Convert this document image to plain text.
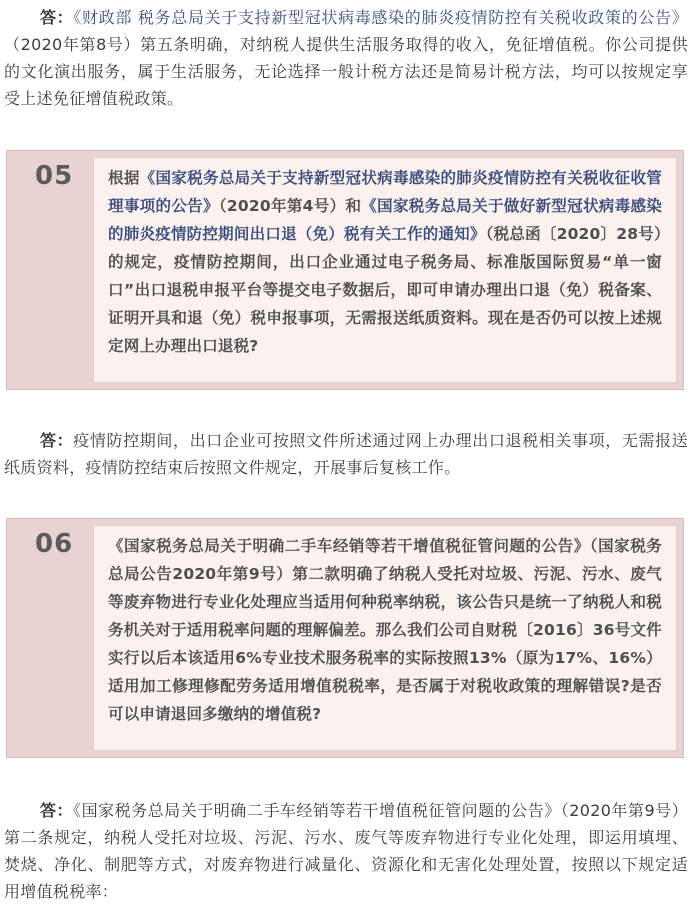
答：《财政部 税务总局关于支持新型冠状病毒感染的肺炎疫情防控有关税收政策的公告》（2020年第8号）第五条明确，对纳税人提供生活服务取得的收入，免征增值税。你公司提供的文化演出服务，属于生活服务，无论选择一般计税方法还是简易计税方法，均可以按规定享受上述免征增值税政策。
05	根据《国家税务总局关于支持新型冠状病毒感染的肺炎疫情防控有关税收征收管理事项的公告》（2020年第4号）和《国家税务总局关于做好新型冠状病毒感染的肺炎疫情防控期间出口退（免）税有关工作的通知》（税总函〔2020〕28号）的规定，疫情防控期间，出口企业通过电子税务局、标准版国际贸易“单一窗口”出口退税申报平台等提交电子数据后，即可申请办理出口退（免）税备案、证明开具和退（免）税申报事项，无需报送纸质资料。现在是否仍可以按上述规定网上办理出口退税?
答：疫情防控期间，出口企业可按照文件所述通过网上办理出口退税相关事项，无需报送纸质资料，疫情防控结束后按照文件规定，开展事后复核工作。
06	《国家税务总局关于明确二手车经销等若干增值税征管问题的公告》（国家税务总局公告2020年第9号）第二款明确了纳税人受托对垃圾、污泥、污水、废气等废弃物进行专业化处理应当适用何种税率纳税，该公告只是统一了纳税人和税务机关对于适用税率问题的理解偏差。那么我们公司自财税〔2016〕36号文件实行以后本该适用6%专业技术服务税率的实际按照13%（原为17%、16%）适用加工修理修配劳务适用增值税税率，是否属于对税收政策的理解错误?是否可以申请退回多缴纳的增值税?
答：《国家税务总局关于明确二手车经销等若干增值税征管问题的公告》（2020年第9号）第二条规定，纳税人受托对垃圾、污泥、污水、废气等废弃物进行专业化处理，即运用填埋、焚烧、净化、制肥等方式，对废弃物进行减量化、资源化和无害化处理处置，按照以下规定适用增值税税率：
